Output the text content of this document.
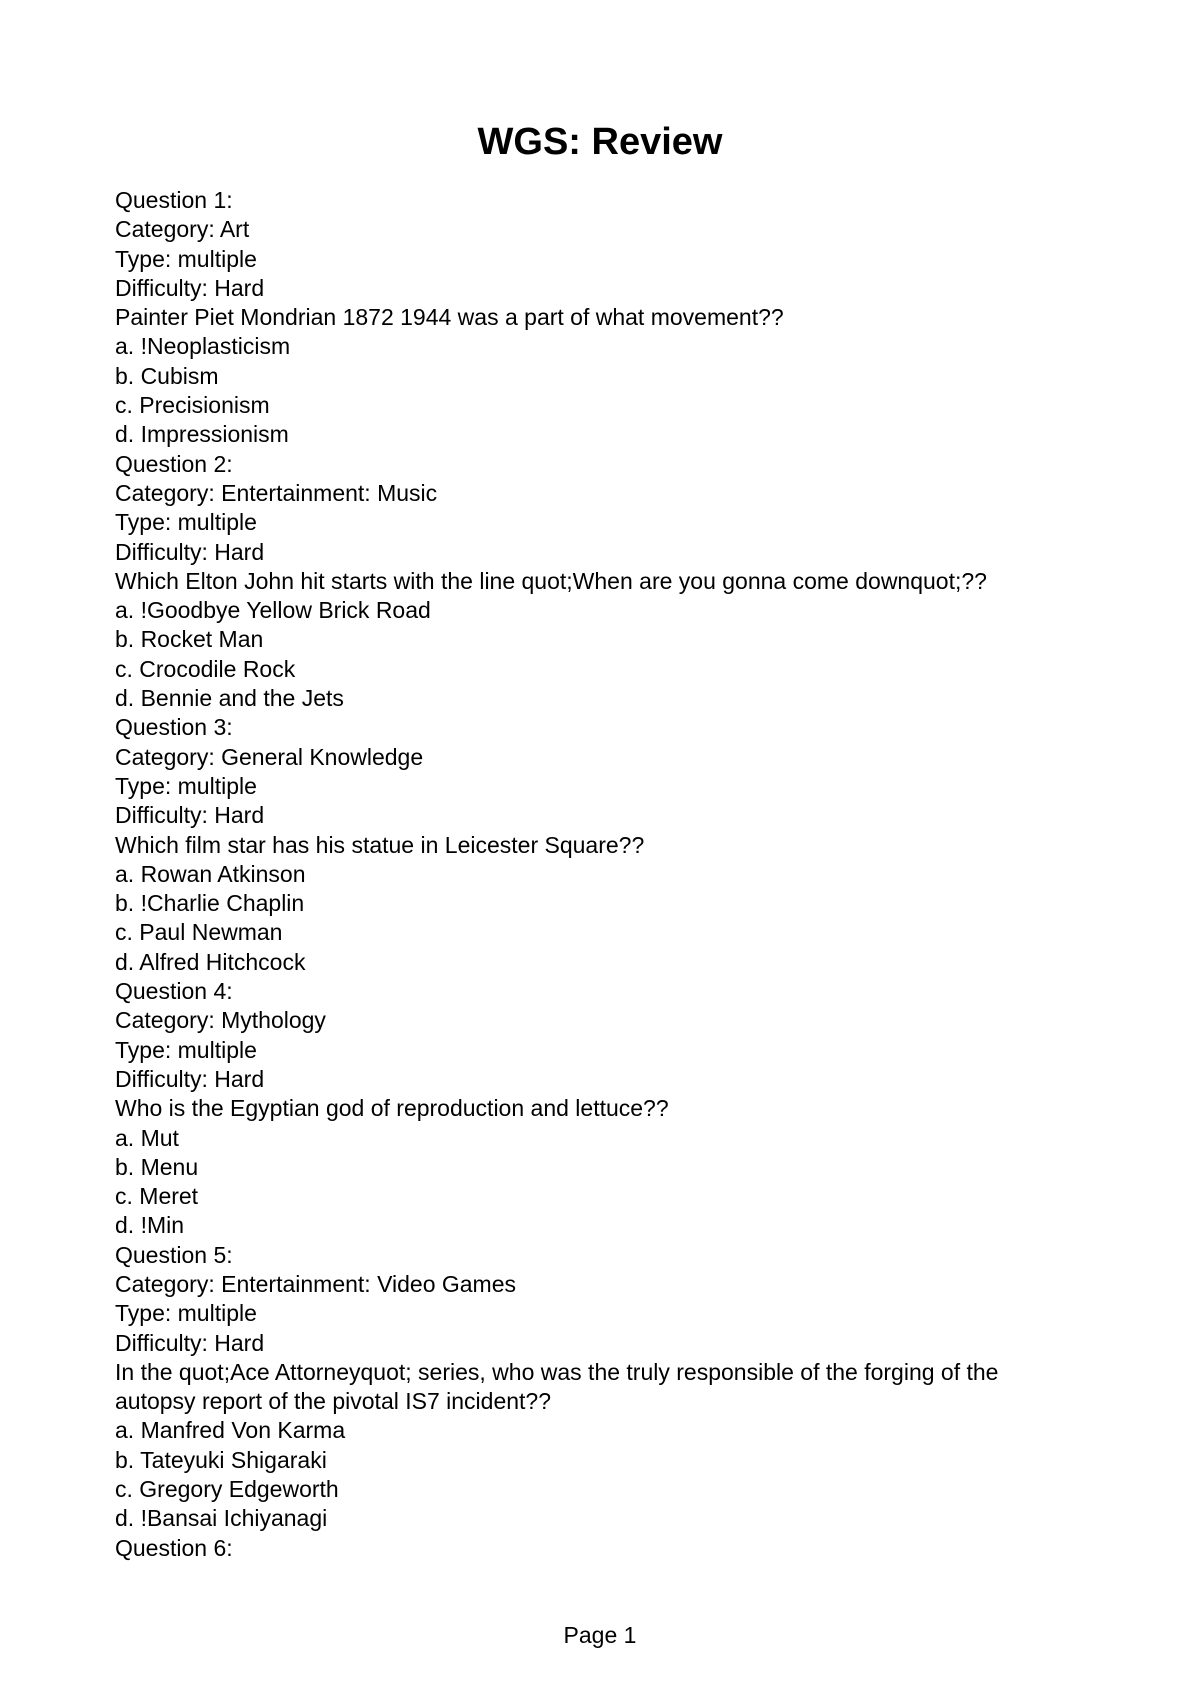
WGS: Review
Question 1:
Category: Art
Type: multiple
Difficulty: Hard
Painter Piet Mondrian 1872 1944 was a part of what movement??
a. !Neoplasticism
b. Cubism
c. Precisionism
d. Impressionism
Question 2:
Category: Entertainment: Music
Type: multiple
Difficulty: Hard
Which Elton John hit starts with the line quot;When are you gonna come downquot;??
a. !Goodbye Yellow Brick Road
b. Rocket Man
c. Crocodile Rock
d. Bennie and the Jets
Question 3:
Category: General Knowledge
Type: multiple
Difficulty: Hard
Which film star has his statue in Leicester Square??
a. Rowan Atkinson
b. !Charlie Chaplin
c. Paul Newman
d. Alfred Hitchcock
Question 4:
Category: Mythology
Type: multiple
Difficulty: Hard
Who is the Egyptian god of reproduction and lettuce??
a. Mut
b. Menu
c. Meret
d. !Min
Question 5:
Category: Entertainment: Video Games
Type: multiple
Difficulty: Hard
In the quot;Ace Attorneyquot; series, who was the truly responsible of the forging of the autopsy report of the pivotal IS7 incident??
a. Manfred Von Karma
b. Tateyuki Shigaraki
c. Gregory Edgeworth
d. !Bansai Ichiyanagi
Question 6:
Page 1
